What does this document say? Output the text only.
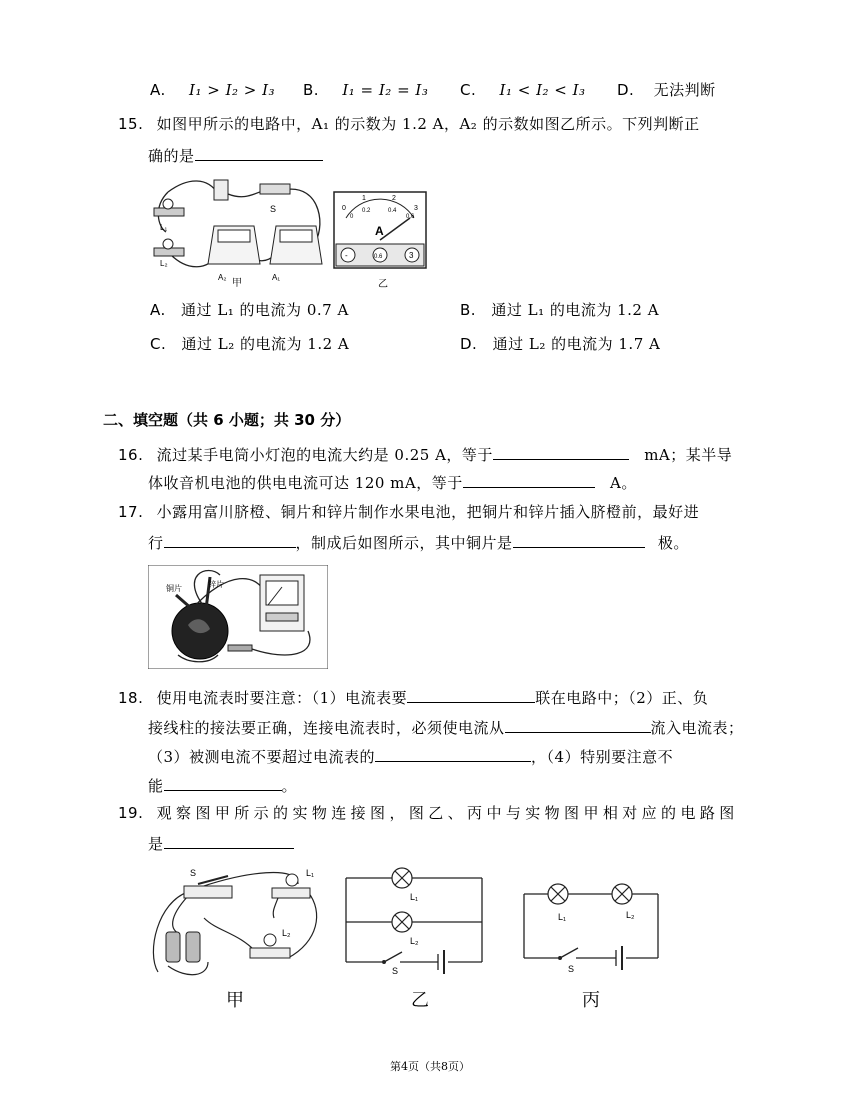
A. I₁ > I₂ > I₃ B. I₁ = I₂ = I₃ C. I₁ < I₂ < I₃ D. 无法判断
15. 如图甲所示的电路中，A₁ 的示数为 1.2 A，A₂ 的示数如图乙所示。下列判断正
确的是
S
L₁
L₂
A₂
甲
A₁
0
1	2
3
0
0.2	0.4
0.6
A
-	0.6	3
乙
A. 通过 L₁ 的电流为 0.7 A	B. 通过 L₁ 的电流为 1.2 A
C. 通过 L₂ 的电流为 1.2 A	D. 通过 L₂ 的电流为 1.7 A
二、填空题（共 6 小题；共 30 分）
16. 流过某手电筒小灯泡的电流大约是 0.25 A，等于	mA；某半导
体收音机电池的供电电流可达 120 mA，等于	A。
17. 小露用富川脐橙、铜片和锌片制作水果电池，把铜片和锌片插入脐橙前，最好进
行	，制成后如图所示，其中铜片是	极。
铜片	锌片
18. 使用电流表时要注意：（1）电流表要	联在电路中；（2）正、负
接线柱的接法要正确，连接电流表时，必须使电流从	流入电流表；
（3）被测电流不要超过电流表的	，（4）特别要注意不
能	。
19. 观察图甲所示的实物连接图，图乙、丙中与实物图甲相对应的电路图
是
S	L₁
L₂
甲
L₁
L₂
S
乙
L₁	L₂
S
丙
第4页（共8页）
